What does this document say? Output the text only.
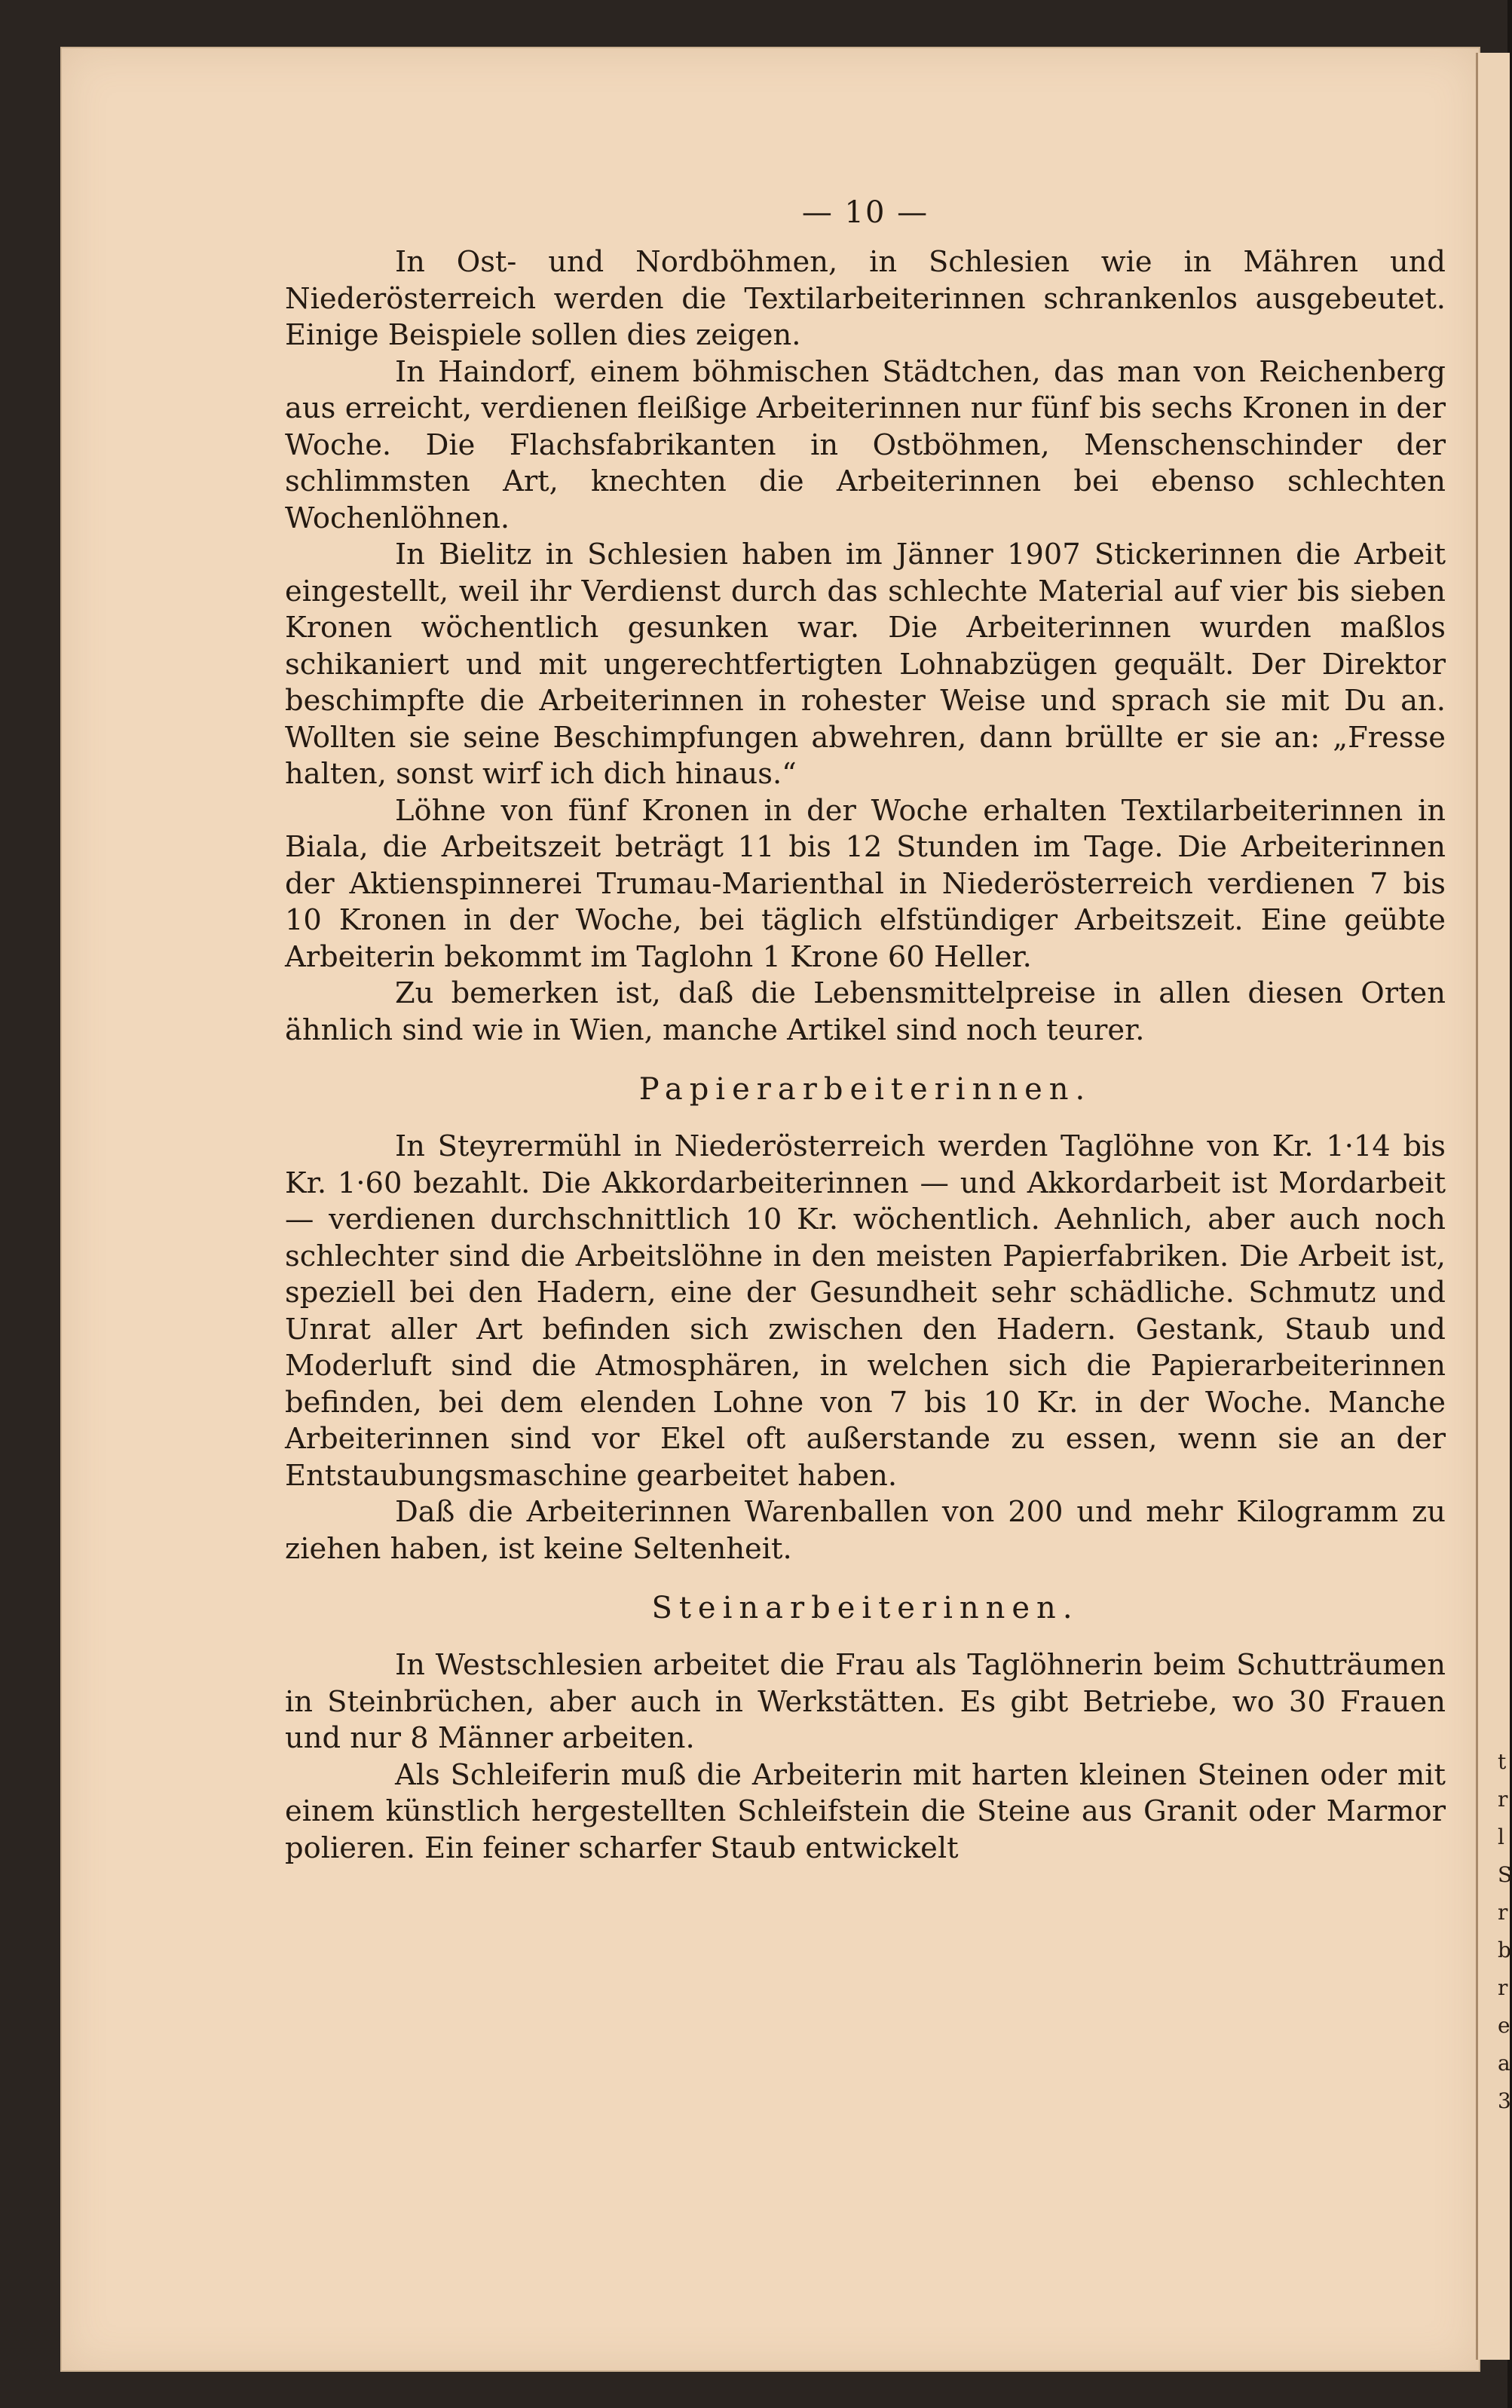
t
r
l
S
r
b
r
e
a
3
— 10 —

In Ost- und Nordböhmen, in Schlesien wie in Mähren und Niederösterreich werden die Textilarbeiterinnen schrankenlos ausgebeutet. Einige Beispiele sollen dies zeigen.

In Haindorf, einem böhmischen Städtchen, das man von Reichenberg aus erreicht, verdienen fleißige Arbeiterinnen nur fünf bis sechs Kronen in der Woche. Die Flachsfabrikanten in Ostböhmen, Menschenschinder der schlimmsten Art, knechten die Arbeiterinnen bei ebenso schlechten Wochenlöhnen.

In Bielitz in Schlesien haben im Jänner 1907 Stickerinnen die Arbeit eingestellt, weil ihr Verdienst durch das schlechte Material auf vier bis sieben Kronen wöchentlich gesunken war. Die Arbeiterinnen wurden maßlos schikaniert und mit ungerechtfertigten Lohnabzügen gequält. Der Direktor beschimpfte die Arbeiterinnen in rohester Weise und sprach sie mit Du an. Wollten sie seine Beschimpfungen abwehren, dann brüllte er sie an: „Fresse halten, sonst wirf ich dich hinaus.“

Löhne von fünf Kronen in der Woche erhalten Textilarbeiterinnen in Biala, die Arbeitszeit beträgt 11 bis 12 Stunden im Tage. Die Arbeiterinnen der Aktienspinnerei Trumau-Marienthal in Niederösterreich verdienen 7 bis 10 Kronen in der Woche, bei täglich elfstündiger Arbeitszeit. Eine geübte Arbeiterin bekommt im Taglohn 1 Krone 60 Heller.

Zu bemerken ist, daß die Lebensmittelpreise in allen diesen Orten ähnlich sind wie in Wien, manche Artikel sind noch teurer.

Papierarbeiterinnen.

In Steyrermühl in Niederösterreich werden Taglöhne von Kr. 1·14 bis Kr. 1·60 bezahlt. Die Akkordarbeiterinnen — und Akkordarbeit ist Mordarbeit — verdienen durchschnittlich 10 Kr. wöchentlich. Aehnlich, aber auch noch schlechter sind die Arbeitslöhne in den meisten Papierfabriken. Die Arbeit ist, speziell bei den Hadern, eine der Gesundheit sehr schädliche. Schmutz und Unrat aller Art befinden sich zwischen den Hadern. Gestank, Staub und Moderluft sind die Atmosphären, in welchen sich die Papierarbeiterinnen befinden, bei dem elenden Lohne von 7 bis 10 Kr. in der Woche. Manche Arbeiterinnen sind vor Ekel oft außerstande zu essen, wenn sie an der Entstaubungsmaschine gearbeitet haben.

Daß die Arbeiterinnen Warenballen von 200 und mehr Kilogramm zu ziehen haben, ist keine Seltenheit.

Steinarbeiterinnen.

In Westschlesien arbeitet die Frau als Taglöhnerin beim Schutträumen in Steinbrüchen, aber auch in Werkstätten. Es gibt Betriebe, wo 30 Frauen und nur 8 Männer arbeiten.

Als Schleiferin muß die Arbeiterin mit harten kleinen Steinen oder mit einem künstlich hergestellten Schleifstein die Steine aus Granit oder Marmor polieren. Ein feiner scharfer Staub entwickelt
